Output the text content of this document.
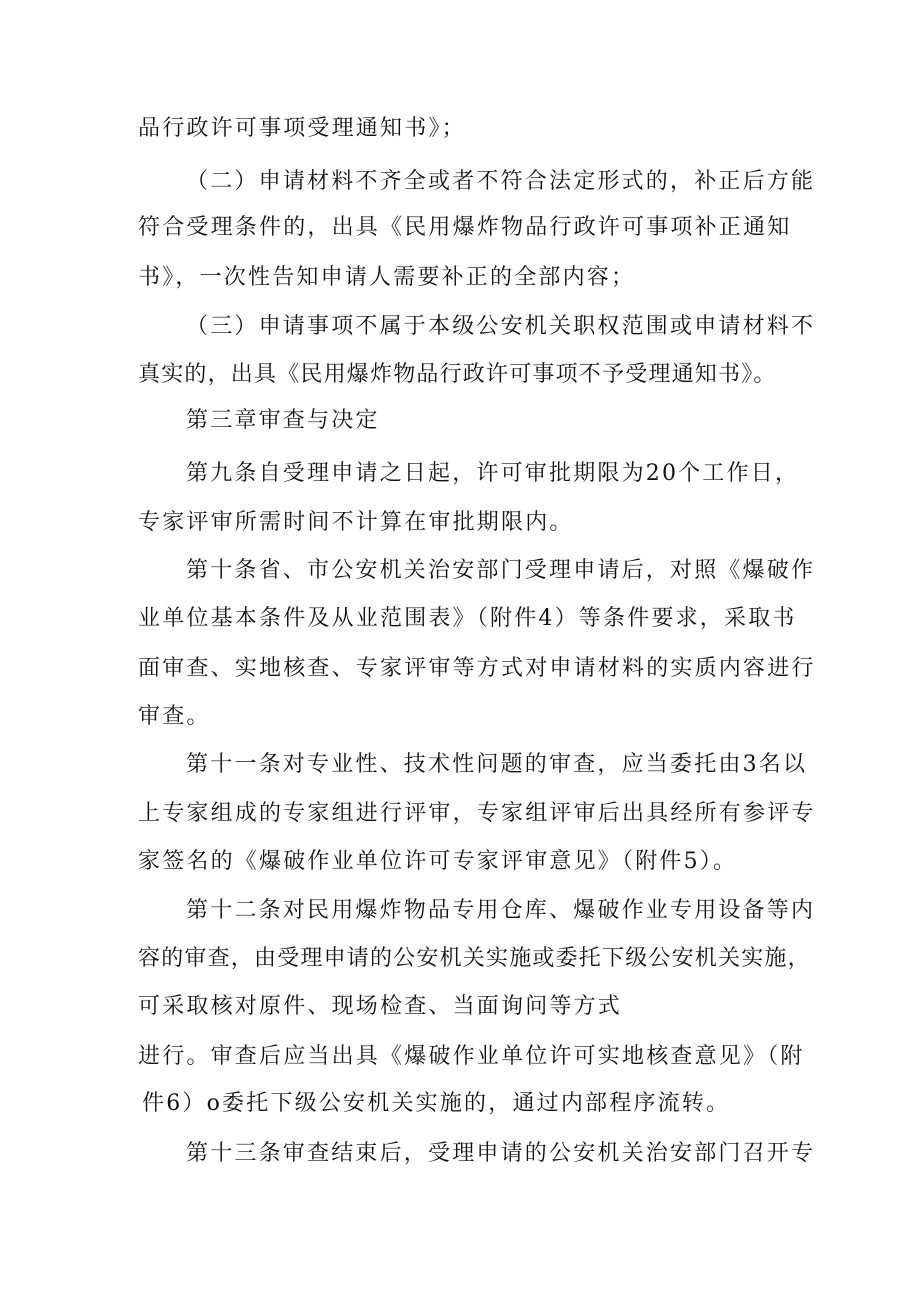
品行政许可事项受理通知书》；
（二）申请材料不齐全或者不符合法定形式的，补正后方能
符合受理条件的，出具《民用爆炸物品行政许可事项补正通知
书》，一次性告知申请人需要补正的全部内容；
（三）申请事项不属于本级公安机关职权范围或申请材料不
真实的，出具《民用爆炸物品行政许可事项不予受理通知书》。
第三章审查与决定
第九条自受理申请之日起，许可审批期限为20个工作日，
专家评审所需时间不计算在审批期限内。
第十条省、市公安机关治安部门受理申请后，对照《爆破作
业单位基本条件及从业范围表》（附件4）等条件要求，采取书
面审查、实地核查、专家评审等方式对申请材料的实质内容进行
审查。
第十一条对专业性、技术性问题的审查，应当委托由3名以
上专家组成的专家组进行评审，专家组评审后出具经所有参评专
家签名的《爆破作业单位许可专家评审意见》（附件5）。
第十二条对民用爆炸物品专用仓库、爆破作业专用设备等内
容的审查，由受理申请的公安机关实施或委托下级公安机关实施，
可采取核对原件、现场检查、当面询问等方式
进行。审查后应当出具《爆破作业单位许可实地核查意见》（附
件6）o委托下级公安机关实施的，通过内部程序流转。
第十三条审查结束后，受理申请的公安机关治安部门召开专
